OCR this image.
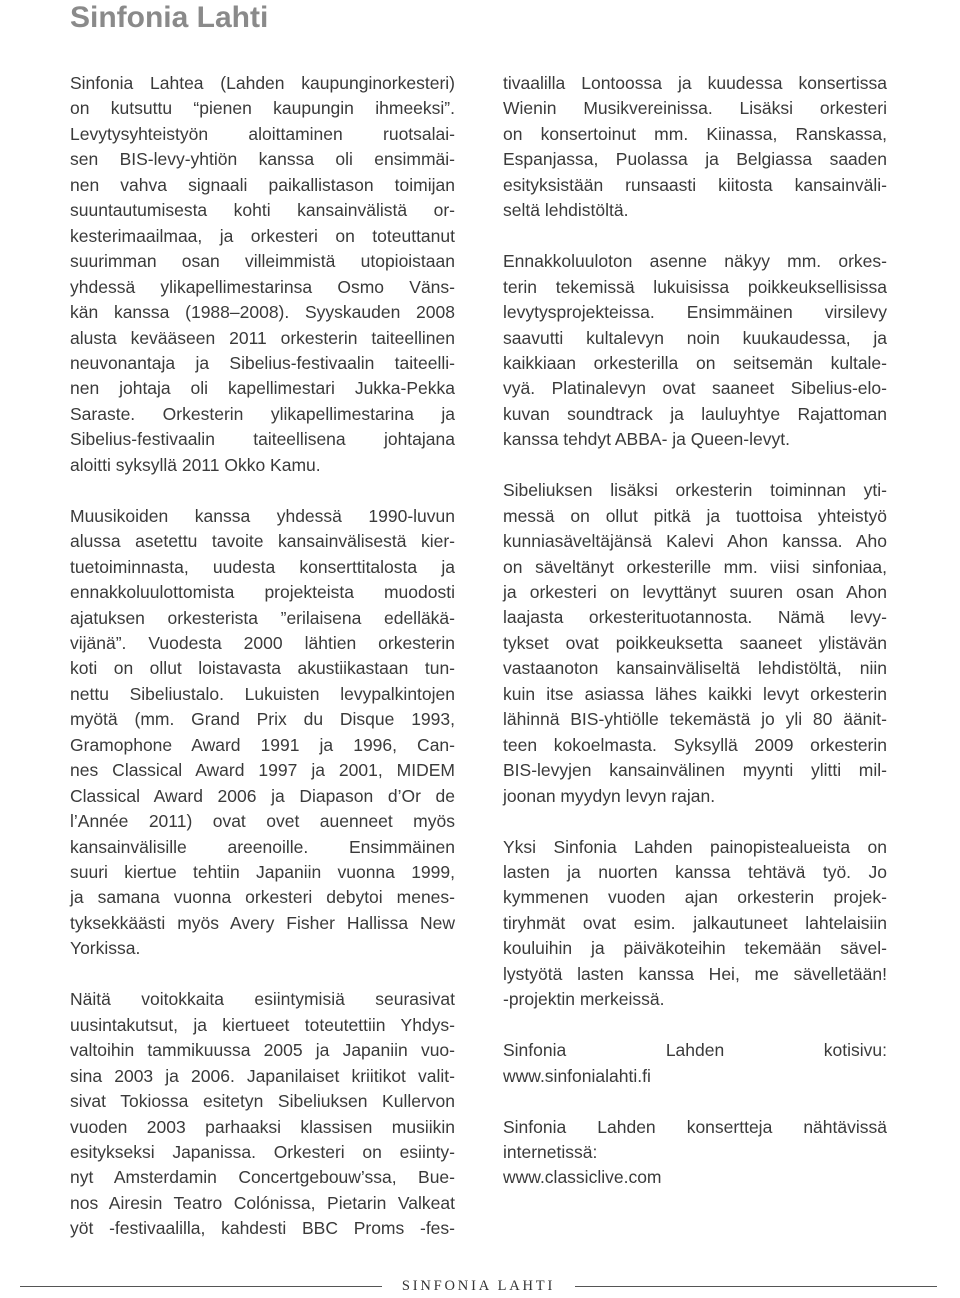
Sinfonia Lahti

Sinfonia Lahtea (Lahden kaupunginorkesteri)
on kutsuttu “pienen kaupungin ihmeeksi”.
Levytysyhteistyön aloittaminen ruotsalai-
sen BIS-levy-yhtiön kanssa oli ensimmäi-
nen vahva signaali paikallistason toimijan
suuntautumisesta kohti kansainvälistä or-
kesterimaailmaa, ja orkesteri on toteuttanut
suurimman osan villeimmistä utopioistaan
yhdessä ylikapellimestarinsa Osmo Väns-
kän kanssa (1988–2008). Syyskauden 2008
alusta kevääseen 2011 orkesterin taiteellinen
neuvonantaja ja Sibelius-festivaalin taiteelli-
nen johtaja oli kapellimestari Jukka-Pekka
Saraste. Orkesterin ylikapellimestarina ja
Sibelius-festivaalin taiteellisena johtajana
aloitti syksyllä 2011 Okko Kamu.

Muusikoiden kanssa yhdessä 1990-luvun
alussa asetettu tavoite kansainvälisestä kier-
tuetoiminnasta, uudesta konserttitalosta ja
ennakkoluulottomista projekteista muodosti
ajatuksen orkesterista ”erilaisena edelläkä-
vijänä”. Vuodesta 2000 lähtien orkesterin
koti on ollut loistavasta akustiikastaan tun-
nettu Sibeliustalo. Lukuisten levypalkintojen
myötä (mm. Grand Prix du Disque 1993,
Gramophone Award 1991 ja 1996, Can-
nes Classical Award 1997 ja 2001, MIDEM
Classical Award 2006 ja Diapason d’Or de
l’Année 2011) ovat ovet auenneet myös
kansainvälisille areenoille. Ensimmäinen
suuri kiertue tehtiin Japaniin vuonna 1999,
ja samana vuonna orkesteri debytoi menes-
tyksekkäästi myös Avery Fisher Hallissa New
Yorkissa.

Näitä voitokkaita esiintymisiä seurasivat
uusintakutsut, ja kiertueet toteutettiin Yhdys-
valtoihin tammikuussa 2005 ja Japaniin vuo-
sina 2003 ja 2006. Japanilaiset kriitikot valit-
sivat Tokiossa esitetyn Sibeliuksen Kullervon
vuoden 2003 parhaaksi klassisen musiikin
esitykseksi Japanissa. Orkesteri on esiinty-
nyt Amsterdamin Concertgebouw’ssa, Bue-
nos Airesin Teatro Colónissa, Pietarin Valkeat
yöt -festivaalilla, kahdesti BBC Proms -fes-

tivaalilla Lontoossa ja kuudessa konsertissa
Wienin Musikvereinissa. Lisäksi orkesteri
on konsertoinut mm. Kiinassa, Ranskassa,
Espanjassa, Puolassa ja Belgiassa saaden
esityksistään runsaasti kiitosta kansainväli-
seltä lehdistöltä.

Ennakkoluuloton asenne näkyy mm. orkes-
terin tekemissä lukuisissa poikkeuksellisissa
levytysprojekteissa. Ensimmäinen virsilevy
saavutti kultalevyn noin kuukaudessa, ja
kaikkiaan orkesterilla on seitsemän kultale-
vyä. Platinalevyn ovat saaneet Sibelius-elo-
kuvan soundtrack ja lauluyhtye Rajattoman
kanssa tehdyt ABBA- ja Queen-levyt.

Sibeliuksen lisäksi orkesterin toiminnan yti-
messä on ollut pitkä ja tuottoisa yhteistyö
kunniasäveltäjänsä Kalevi Ahon kanssa. Aho
on säveltänyt orkesterille mm. viisi sinfoniaa,
ja orkesteri on levyttänyt suuren osan Ahon
laajasta orkesterituotannosta. Nämä levy-
tykset ovat poikkeuksetta saaneet ylistävän
vastaanoton kansainväliseltä lehdistöltä, niin
kuin itse asiassa lähes kaikki levyt orkesterin
lähinnä BIS-yhtiölle tekemästä jo yli 80 äänit-
teen kokoelmasta. Syksyllä 2009 orkesterin
BIS-levyjen kansainvälinen myynti ylitti mil-
joonan myydyn levyn rajan.

Yksi Sinfonia Lahden painopistealueista on
lasten ja nuorten kanssa tehtävä työ. Jo
kymmenen vuoden ajan orkesterin projek-
tiryhmät ovat esim. jalkautuneet lahtelaisiin
kouluihin ja päiväkoteihin tekemään sävel-
lystyötä lasten kanssa Hei, me sävelletään!
-projektin merkeissä.

Sinfonia Lahden kotisivu:
www.sinfonialahti.fi

Sinfonia Lahden konsertteja nähtävissä
internetissä:
www.classiclive.com

SINFONIA LAHTI
